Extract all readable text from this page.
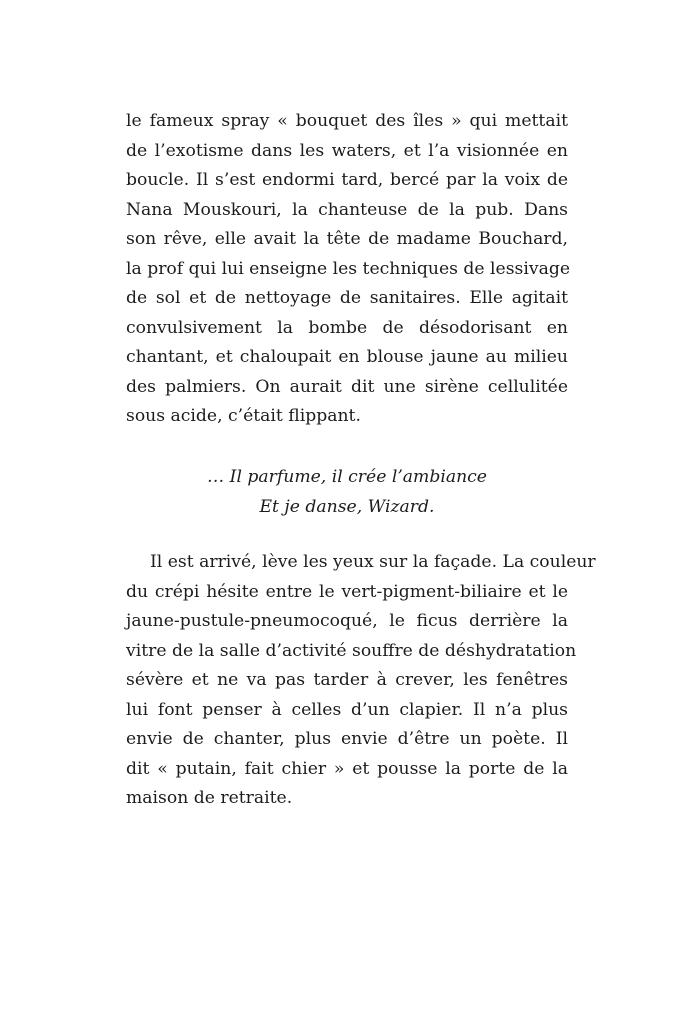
le fameux spray « bouquet des îles » qui mettait
de l’exotisme dans les waters, et l’a visionnée en
boucle. Il s’est endormi tard, bercé par la voix de
Nana Mouskouri, la chanteuse de la pub. Dans
son rêve, elle avait la tête de madame Bouchard,
la prof qui lui enseigne les techniques de lessivage
de sol et de nettoyage de sanitaires. Elle agitait
convulsivement la bombe de désodorisant en
chantant, et chaloupait en blouse jaune au milieu
des palmiers. On aurait dit une sirène cellulitée
sous acide, c’était flippant.
… Il parfume, il crée l’ambiance
Et je danse, Wizard.
Il est arrivé, lève les yeux sur la façade. La couleur
du crépi hésite entre le vert-pigment-biliaire et le
jaune-pustule-pneumocoqué, le ficus derrière la
vitre de la salle d’activité souffre de déshydratation
sévère et ne va pas tarder à crever, les fenêtres
lui font penser à celles d’un clapier. Il n’a plus
envie de chanter, plus envie d’être un poète. Il
dit « putain, fait chier » et pousse la porte de la
maison de retraite.
